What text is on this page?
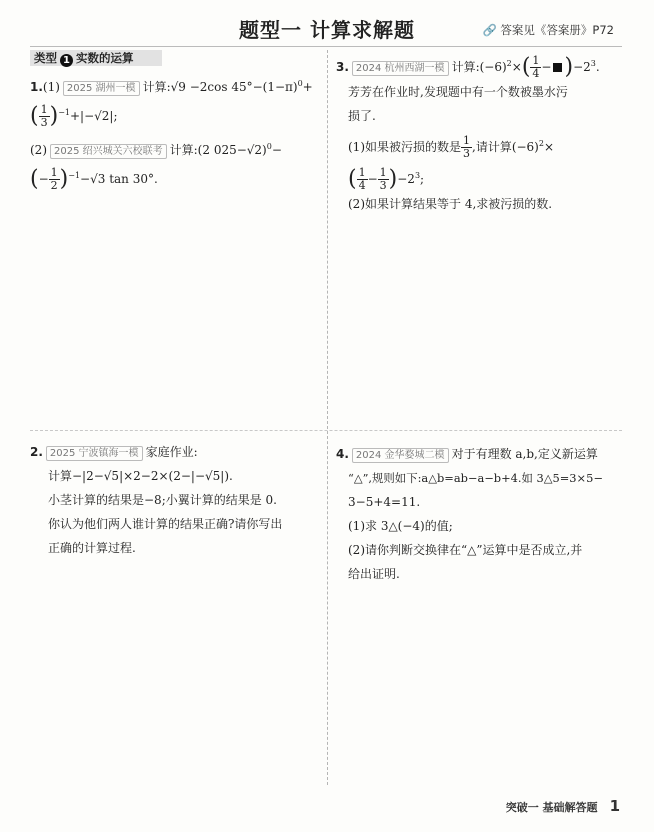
题型一 计算求解题	🔗 答案见《答案册》P72
类型 1 实数的运算
1.(1) 2025 湖州一模 计算:√9 −2cos $45^\circ-(1-\pi)^0+$
( $\frac{1}{3} )^{-1}+|-√2|$;
(2) 2025 绍兴城关六校联考 计算:(2 025−√2)$^0$−
(− $\frac{1}{2} )^{-1}-√3$ tan 30°.
3. 2024 杭州西湖一模 计算$:(-6)^2\times( \frac{1}{4} - )-2^3$.
芳芳在作业时,发现题中有一个数被墨水污
损了.
(1)如果被污损的数是 $\frac{1}{3}$ ,请计算$(-6)^2\times$
( $\frac{1}{4} - \frac{1}{3} )-2^3$;
(2)如果计算结果等于 4,求被污损的数.
2. 2025 宁波镇海一模 家庭作业:
计算−|2−√5|×2−2×(2−|−√5|).
小茎计算的结果是−8;小翼计算的结果是 0.
你认为他们两人谁计算的结果正确?请你写出
正确的计算过程.
4. 2024 金华婺城二模 对于有理数 a,b,定义新运算
“△”,规则如下:a△b=ab−a−b+4.如 3△5=3×5−
3−5+4=11.
(1)求 3△(−4)的值;
(2)请你判断交换律在“△”运算中是否成立,并
给出证明.
突破一 基础解答题 1
